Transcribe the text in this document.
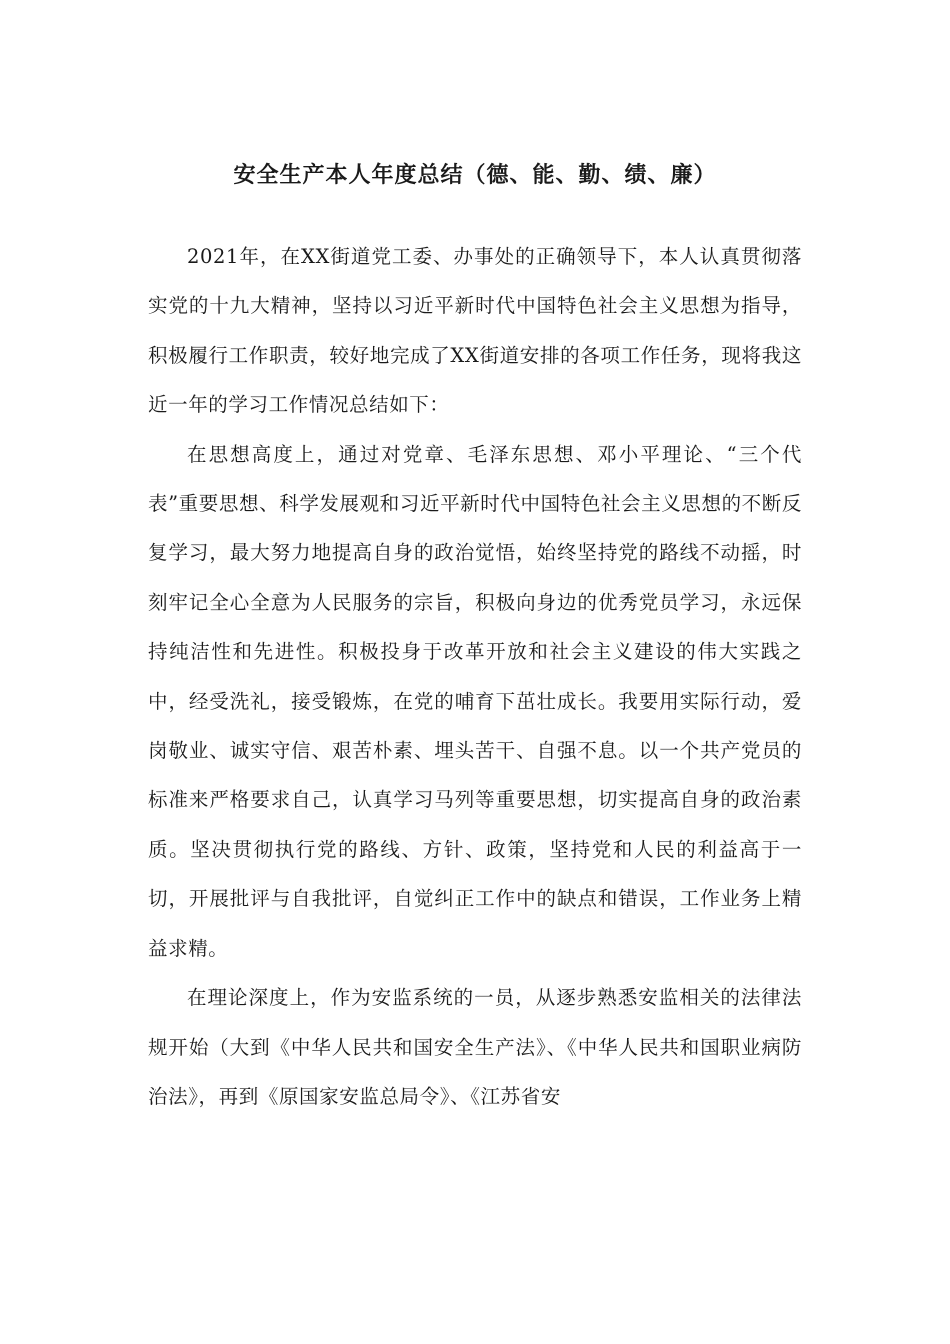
安全生产本人年度总结（德、能、勤、绩、廉）

2021年，在XX街道党工委、办事处的正确领导下，本人认真贯彻落实党的十九大精神，坚持以习近平新时代中国特色社会主义思想为指导，积极履行工作职责，较好地完成了XX街道安排的各项工作任务，现将我这近一年的学习工作情况总结如下：

在思想高度上，通过对党章、毛泽东思想、邓小平理论、“三个代表”重要思想、科学发展观和习近平新时代中国特色社会主义思想的不断反复学习，最大努力地提高自身的政治觉悟，始终坚持党的路线不动摇，时刻牢记全心全意为人民服务的宗旨，积极向身边的优秀党员学习，永远保持纯洁性和先进性。积极投身于改革开放和社会主义建设的伟大实践之中，经受洗礼，接受锻炼，在党的哺育下茁壮成长。我要用实际行动，爱岗敬业、诚实守信、艰苦朴素、埋头苦干、自强不息。以一个共产党员的标准来严格要求自己，认真学习马列等重要思想，切实提高自身的政治素质。坚决贯彻执行党的路线、方针、政策，坚持党和人民的利益高于一切，开展批评与自我批评，自觉纠正工作中的缺点和错误，工作业务上精益求精。

在理论深度上，作为安监系统的一员，从逐步熟悉安监相关的法律法规开始（大到《中华人民共和国安全生产法》、《中华人民共和国职业病防治法》，再到《原国家安监总局令》、《江苏省安
